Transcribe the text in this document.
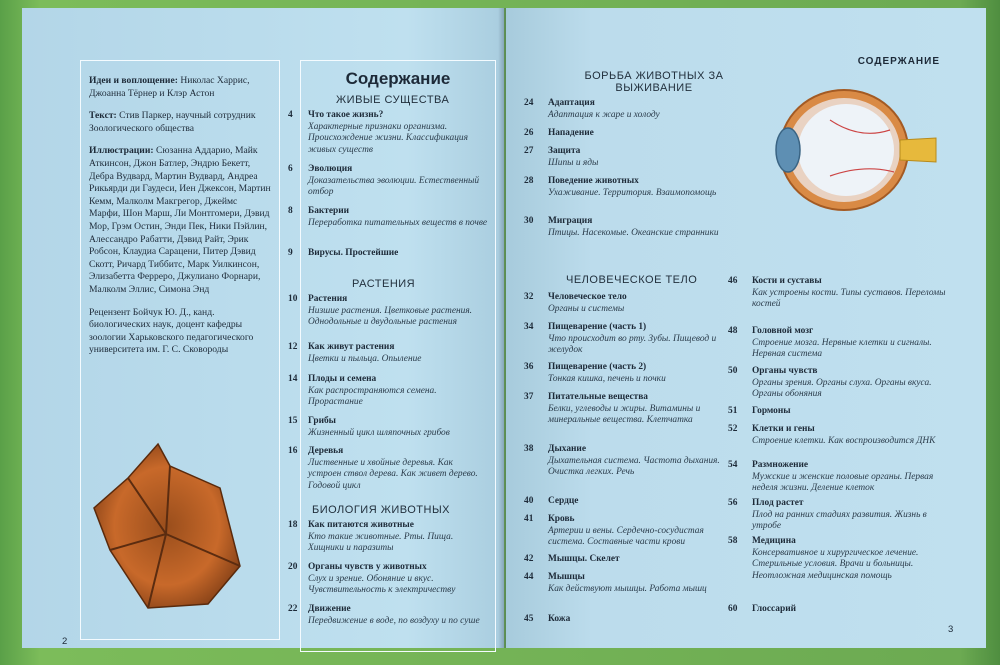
Идеи и воплощение: Николас Харрис, Джоанна Тёрнер и Клэр Астон

Текст: Стив Паркер, научный сотрудник Зоологического общества

Иллюстрации: Сюзанна Аддарио, Майк Аткинсон, Джон Батлер, Эндрю Бекетт, Дебра Вудвард, Мартин Вудвард, Андреа Рикьярди ди Гаудеси, Иен Джексон, Мартин Кемм, Малколм Макгрегор, Джеймс Марфи, Шон Марш, Ли Монтгомери, Дэвид Мор, Грэм Остин, Энди Пек, Ники Пэйлин, Алессандро Рабатти, Дэвид Райт, Эрик Робсон, Клаудиа Сарацени, Питер Дэвид Скотт, Ричард Тиббитс, Марк Уилкинсон, Элизабетта Ферреро, Джулиано Форнари, Малколм Эллис, Симона Энд

Рецензент Бойчук Ю. Д., канд. биологических наук, доцент кафедры зоологии Харьковского педагогического университета им. Г. С. Сковороды

Содержание
ЖИВЫЕ СУЩЕСТВА
РАСТЕНИЯ
БИОЛОГИЯ ЖИВОТНЫХ
4 Что такое жизнь?
Характерные признаки организма. Происхождение жизни. Классификация живых существ
6 Эволюция
Доказательства эволюции. Естественный отбор
8 Бактерии
Переработка питательных веществ в почве
9 Вирусы. Простейшие
10 Растения
Низшие растения. Цветковые растения. Однодольные и двудольные растения
12 Как живут растения
Цветки и пыльца. Опыление
14 Плоды и семена
Как распространяются семена. Прорастание
15 Грибы
Жизненный цикл шляпочных грибов
16 Деревья
Лиственные и хвойные деревья. Как устроен ствол дерева. Как живет дерево. Годовой цикл
18 Как питаются животные
Кто такие животные. Рты. Пища. Хищники и паразиты
20 Органы чувств у животных
Слух и зрение. Обоняние и вкус. Чувствительность к электричеству
22 Движение
Передвижение в воде, по воздуху и по суше
2
СОДЕРЖАНИЕ
БОРЬБА ЖИВОТНЫХ ЗА ВЫЖИВАНИЕ
ЧЕЛОВЕЧЕСКОЕ ТЕЛО
24 Адаптация
Адаптация к жаре и холоду
26 Нападение
27 Защита
Шипы и яды
28 Поведение животных
Ухаживание. Территория. Взаимопомощь
30 Миграция
Птицы. Насекомые. Океанские странники
32 Человеческое тело
Органы и системы
34 Пищеварение (часть 1)
Что происходит во рту. Зубы. Пищевод и желудок
36 Пищеварение (часть 2)
Тонкая кишка, печень и почки
37 Питательные вещества
Белки, углеводы и жиры. Витамины и минеральные вещества. Клетчатка
38 Дыхание
Дыхательная система. Частота дыхания. Очистка легких. Речь
40 Сердце
41 Кровь
Артерии и вены. Сердечно-сосудистая система. Составные части крови
42 Мышцы. Скелет
44 Мышцы
Как действуют мышцы. Работа мышц
45 Кожа
46 Кости и суставы
Как устроены кости. Типы суставов. Переломы костей
48 Головной мозг
Строение мозга. Нервные клетки и сигналы. Нервная система
50 Органы чувств
Органы зрения. Органы слуха. Органы вкуса. Органы обоняния
51 Гормоны
52 Клетки и гены
Строение клетки. Как воспроизводится ДНК
54 Размножение
Мужские и женские половые органы. Первая неделя жизни. Деление клеток
56 Плод растет
Плод на ранних стадиях развития. Жизнь в утробе
58 Медицина
Консервативное и хирургическое лечение. Стерильные условия. Врачи и больницы. Неотложная медицинская помощь
60 Глоссарий
3
